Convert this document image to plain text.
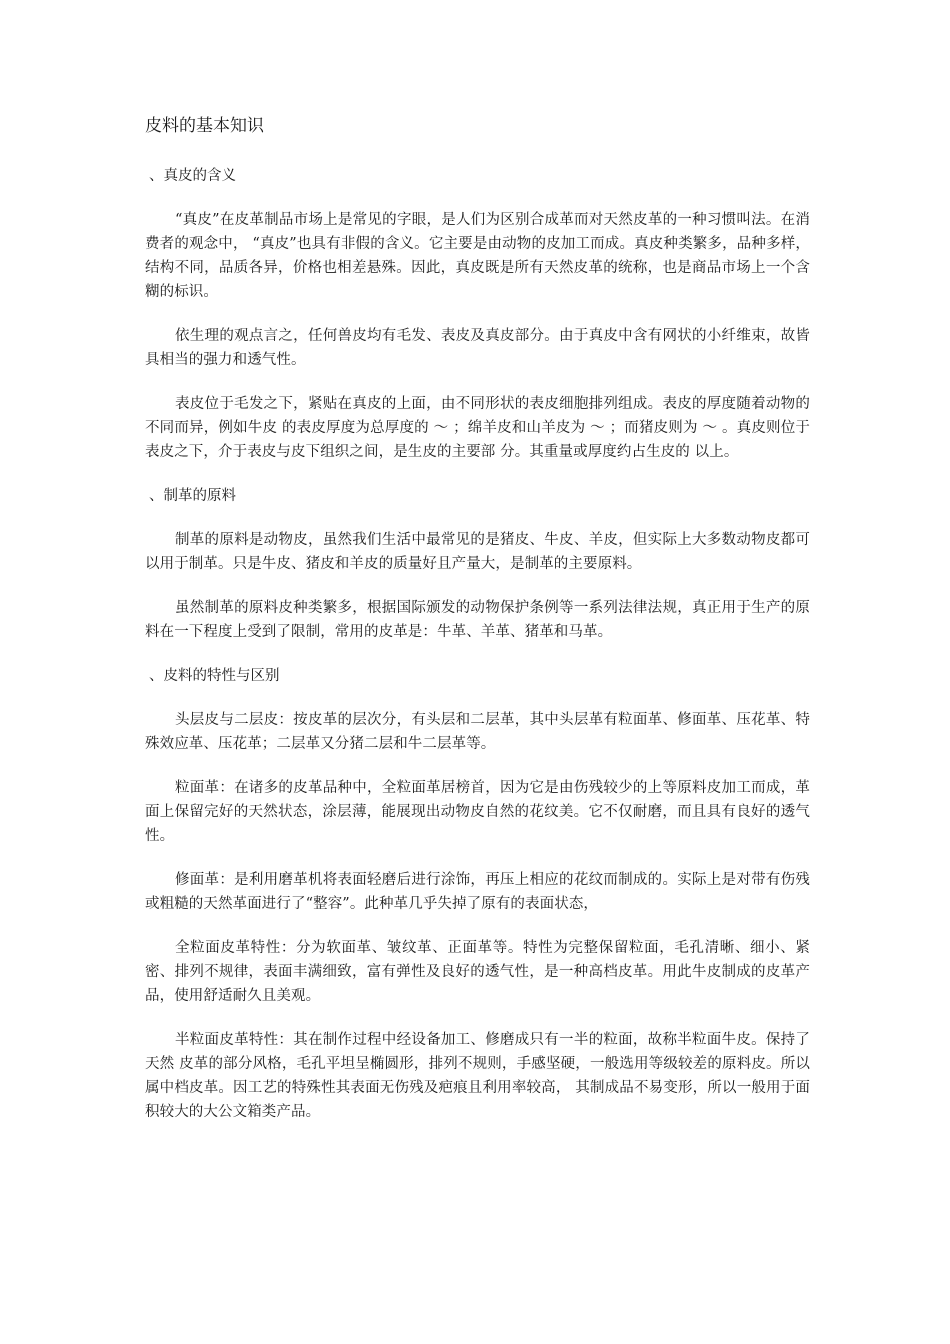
皮料的基本知识
、真皮的含义

“真皮”在皮革制品市场上是常见的字眼，是人们为区别合成革而对天然皮革的一种习惯叫法。在消费者的观念中， “真皮”也具有非假的含义。它主要是由动物的皮加工而成。真皮种类繁多，品种多样，结构不同，品质各异，价格也相差悬殊。因此，真皮既是所有天然皮革的统称，也是商品市场上一个含糊的标识。

依生理的观点言之，任何兽皮均有毛发、表皮及真皮部分。由于真皮中含有网状的小纤维束，故皆具相当的强力和透气性。

表皮位于毛发之下，紧贴在真皮的上面，由不同形状的表皮细胞排列组成。表皮的厚度随着动物的不同而异，例如牛皮 的表皮厚度为总厚度的 ～ ；绵羊皮和山羊皮为 ～ ；而猪皮则为 ～ 。真皮则位于表皮之下，介于表皮与皮下组织之间，是生皮的主要部 分。其重量或厚度约占生皮的 以上。

、制革的原料

制革的原料是动物皮，虽然我们生活中最常见的是猪皮、牛皮、羊皮，但实际上大多数动物皮都可以用于制革。只是牛皮、猪皮和羊皮的质量好且产量大，是制革的主要原料。

虽然制革的原料皮种类繁多，根据国际颁发的动物保护条例等一系列法律法规，真正用于生产的原料在一下程度上受到了限制，常用的皮革是：牛革、羊革、猪革和马革。

、皮料的特性与区别

头层皮与二层皮：按皮革的层次分，有头层和二层革，其中头层革有粒面革、修面革、压花革、特殊效应革、压花革；二层革又分猪二层和牛二层革等。

粒面革：在诸多的皮革品种中，全粒面革居榜首，因为它是由伤残较少的上等原料皮加工而成，革面上保留完好的天然状态，涂层薄，能展现出动物皮自然的花纹美。它不仅耐磨，而且具有良好的透气性。

修面革：是利用磨革机将表面轻磨后进行涂饰，再压上相应的花纹而制成的。实际上是对带有伤残或粗糙的天然革面进行了“整容”。此种革几乎失掉了原有的表面状态，

全粒面皮革特性：分为软面革、皱纹革、正面革等。特性为完整保留粒面，毛孔清晰、细小、紧密、排列不规律，表面丰满细致，富有弹性及良好的透气性，是一种高档皮革。用此牛皮制成的皮革产品，使用舒适耐久且美观。

半粒面皮革特性：其在制作过程中经设备加工、修磨成只有一半的粒面，故称半粒面牛皮。保持了天然 皮革的部分风格，毛孔平坦呈椭圆形，排列不规则，手感坚硬，一般选用等级较差的原料皮。所以属中档皮革。因工艺的特殊性其表面无伤残及疤痕且利用率较高， 其制成品不易变形，所以一般用于面积较大的大公文箱类产品。
